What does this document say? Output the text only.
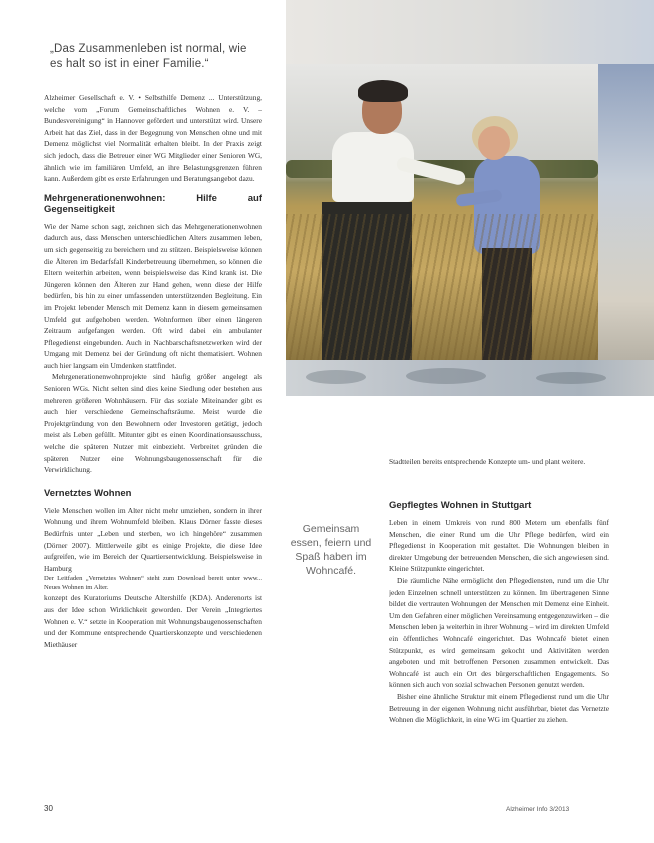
„Das Zusammenleben ist normal, wie es halt so ist in einer Familie.“

Alzheimer Gesellschaft e. V. • Selbsthilfe Demenz ... Unterstützung, welche vom „Forum Gemeinschaftliches Wohnen e. V. – Bundesvereinigung“ in Hannover gefördert und unterstützt wird. Unsere Arbeit hat das Ziel, dass in der Begegnung von Menschen ohne und mit Demenz möglichst viel Normalität erhalten bleibt. In der Praxis zeigt sich jedoch, dass die Betreuer einer WG Mitglieder einer Senioren WG, ähnlich wie im familiären Umfeld, an ihre Belastungsgrenzen führen kann. Außerdem gibt es erste Erfahrungen und Beratungsangebot dazu.

Mehrgenerationenwohnen: Hilfe auf Gegenseitigkeit

Wie der Name schon sagt, zeichnen sich das Mehrgenerationenwohnen dadurch aus, dass Menschen unterschiedlichen Alters zusammen leben, um sich gegenseitig zu bereichern und zu stützen. Beispielsweise können die Älteren im Bedarfsfall Kinderbetreuung übernehmen, so können die Eltern weiterhin arbeiten, wenn beispielsweise das Kind krank ist. Die Jüngeren können den Älteren zur Hand gehen, wenn diese der Hilfe bedürfen, bis hin zu einer umfassenden unterstützenden Begleitung. Ein im Projekt lebender Mensch mit Demenz kann in diesem gemeinsamen Umfeld gut aufgehoben werden. Wohnformen über einen längeren Zeitraum aufgefangen werden. Oft wird dabei ein ambulanter Pflegedienst eingebunden. Auch in Nachbarschaftsnetzwerken wird der Umgang mit Demenz bei der Gründung oft nicht thematisiert. Wohnen auch hier langsam ein Umdenken stattfindet.

Mehrgenerationenwohnprojekte sind häufig größer angelegt als Senioren WGs. Nicht selten sind dies keine Siedlung oder bestehen aus mehreren größeren Wohnhäusern. Für das soziale Miteinander gibt es auch hier verschiedene Gemeinschaftsräume. Meist wurde die Projektgründung von den Bewohnern oder Investoren getätigt, jedoch meist als Leben gefüllt. Mitunter gibt es einen Koordinationsausschuss, welche die späteren Nutzer mit einbezieht. Verbreitet gründen die späteren Nutzer eine Wohnungsbaugenossenschaft für die Verwirklichung.

Vernetztes Wohnen

Viele Menschen wollen im Alter nicht mehr umziehen, sondern in ihrer Wohnung und ihrem Wohnumfeld bleiben. Klaus Dörner fasste dieses Bedürfnis unter „Leben und sterben, wo ich hingehöre“ zusammen (Dörner 2007). Mittlerweile gibt es einige Projekte, die diese Idee aufgreifen, wie im Bereich der Quartiersentwicklung. Beispielsweise in Hamburg

Der Leitfaden „Vernetztes Wohnen“ steht zum Download bereit unter www... Neues Wohnen im Alter.

konzept des Kuratoriums Deutsche Altershilfe (KDA). Anderenorts ist aus der Idee schon Wirklichkeit geworden. Der Verein „Integriertes Wohnen e. V.“ setzte in Kooperation mit Wohnungsbaugenossenschaften und der Kommune entsprechende Quartierskonzepte und verschiedenen Miethäuser

Gemeinsam essen, feiern und Spaß haben im Wohncafé.

Stadtteilen bereits entsprechende Konzepte um- und plant weitere.

Gepflegtes Wohnen in Stuttgart

Leben in einem Umkreis von rund 800 Metern um ebenfalls fünf Menschen, die einer Rund um die Uhr Pflege bedürfen, wird ein Pflegedienst in Kooperation mit gestaltet. Die Wohnungen bleiben in direkter Umgebung der betreuenden Menschen, die sich angewiesen sind. Kleine Stützpunkte eingerichtet.

Die räumliche Nähe ermöglicht den Pflegediensten, rund um die Uhr jeden Einzelnen schnell unterstützen zu können. Im übertragenen Sinne bildet die vertrauten Wohnungen der Menschen mit Demenz eine Einheit. Um den Gefahren einer möglichen Vereinsamung entgegenzuwirken – die Menschen leben ja weiterhin in ihrer Wohnung – wird im direkten Umfeld ein öffentliches Wohncafé eingerichtet. Das Wohncafé bietet einen Stützpunkt, es wird gemeinsam gekocht und Aktivitäten werden angeboten und mit betroffenen Personen zusammen entwickelt. Das Wohncafé ist auch ein Ort des bürgerschaftlichen Engagements. So können sich auch von sozial schwachen Personen genutzt werden.

Bisher eine ähnliche Struktur mit einem Pflegedienst rund um die Uhr Betreuung in der eigenen Wohnung nicht ausführbar, bietet das Vernetzte Wohnen die Möglichkeit, in eine WG im Quartier zu ziehen.

30	Alzheimer Info 3/2013
